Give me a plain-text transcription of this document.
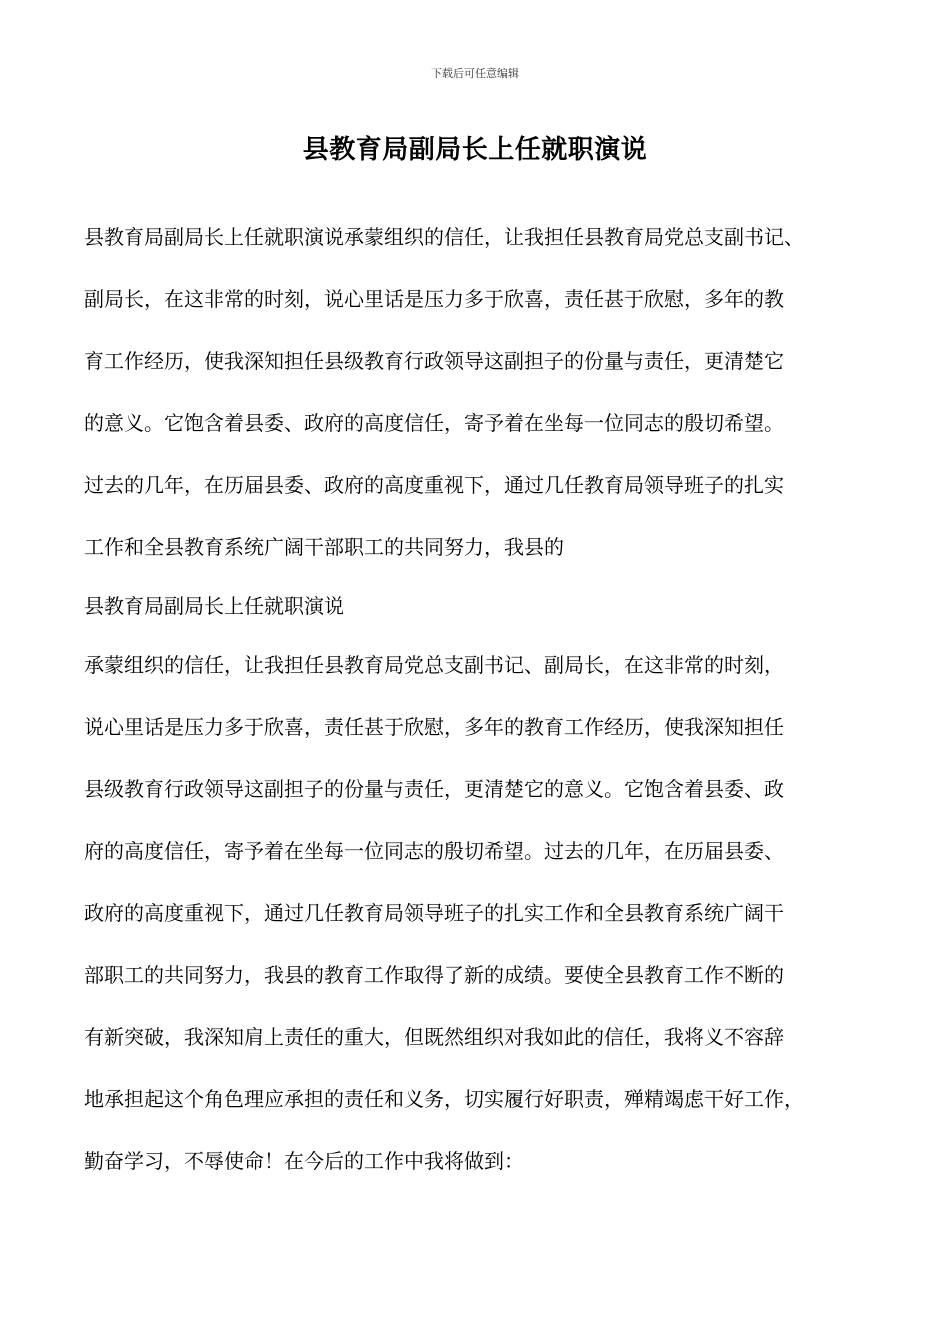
下载后可任意编辑
县教育局副局长上任就职演说
县教育局副局长上任就职演说承蒙组织的信任，让我担任县教育局党总支副书记、
副局长，在这非常的时刻，说心里话是压力多于欣喜，责任甚于欣慰，多年的教
育工作经历，使我深知担任县级教育行政领导这副担子的份量与责任，更清楚它
的意义。它饱含着县委、政府的高度信任，寄予着在坐每一位同志的殷切希望。
过去的几年，在历届县委、政府的高度重视下，通过几任教育局领导班子的扎实
工作和全县教育系统广阔干部职工的共同努力，我县的
县教育局副局长上任就职演说
承蒙组织的信任，让我担任县教育局党总支副书记、副局长，在这非常的时刻，
说心里话是压力多于欣喜，责任甚于欣慰，多年的教育工作经历，使我深知担任
县级教育行政领导这副担子的份量与责任，更清楚它的意义。它饱含着县委、政
府的高度信任，寄予着在坐每一位同志的殷切希望。过去的几年，在历届县委、
政府的高度重视下，通过几任教育局领导班子的扎实工作和全县教育系统广阔干
部职工的共同努力，我县的教育工作取得了新的成绩。要使全县教育工作不断的
有新突破，我深知肩上责任的重大，但既然组织对我如此的信任，我将义不容辞
地承担起这个角色理应承担的责任和义务，切实履行好职责，殚精竭虑干好工作，
勤奋学习，不辱使命！在今后的工作中我将做到：
